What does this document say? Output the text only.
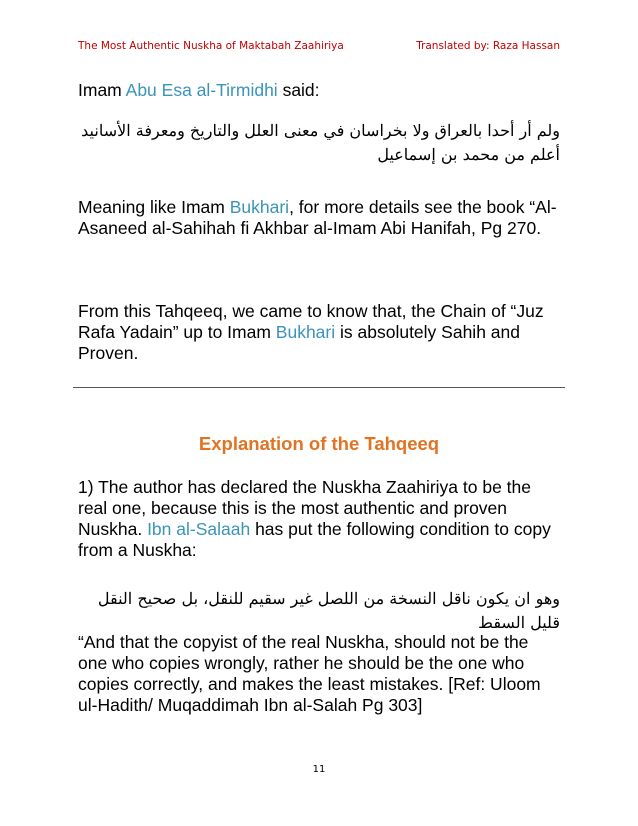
The Most Authentic Nuskha of Maktabah Zaahiriya	Translated by: Raza Hassan
Imam Abu Esa al-Tirmidhi said:
ولم أر أحدا بالعراق ولا بخراسان في معنى العلل والتاريخ ومعرفة الأسانيد أعلم من محمد بن إسماعيل
Meaning like Imam Bukhari, for more details see the book “Al-Asaneed al-Sahihah fi Akhbar al-Imam Abi Hanifah, Pg 270.
From this Tahqeeq, we came to know that, the Chain of “Juz Rafa Yadain” up to Imam Bukhari is absolutely Sahih and Proven.
Explanation of the Tahqeeq
1) The author has declared the Nuskha Zaahiriya to be the real one, because this is the most authentic and proven Nuskha. Ibn al-Salaah has put the following condition to copy from a Nuskha:
وهو ان يكون ناقل النسخة من اللصل غير سقيم للنقل، بل صحيح النقل قليل السقط
“And that the copyist of the real Nuskha, should not be the one who copies wrongly, rather he should be the one who copies correctly, and makes the least mistakes. [Ref: Uloom ul-Hadith/ Muqaddimah Ibn al-Salah Pg 303]
11
